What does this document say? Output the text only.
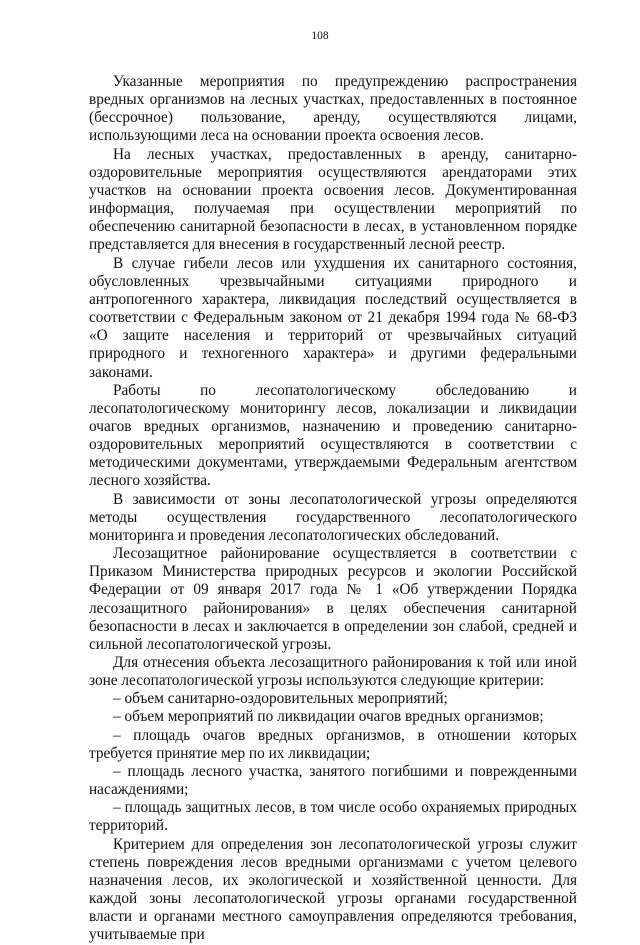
108

Указанные мероприятия по предупреждению распространения вредных организмов на лесных участках, предоставленных в постоянное (бессрочное) пользование, аренду, осуществляются лицами, использующими леса на основании проекта освоения лесов.

На лесных участках, предоставленных в аренду, санитарно-оздоровительные мероприятия осуществляются арендаторами этих участков на основании проекта освоения лесов. Документированная информация, получаемая при осуществлении мероприятий по обеспечению санитарной безопасности в лесах, в установленном порядке представляется для внесения в государственный лесной реестр.

В случае гибели лесов или ухудшения их санитарного состояния, обусловленных чрезвычайными ситуациями природного и антропогенного характера, ликвидация последствий осуществляется в соответствии с Федеральным законом от 21 декабря 1994 года № 68-ФЗ «О защите населения и территорий от чрезвычайных ситуаций природного и техногенного характера» и другими федеральными законами.

Работы по лесопатологическому обследованию и лесопатологическому мониторингу лесов, локализации и ликвидации очагов вредных организмов, назначению и проведению санитарно-оздоровительных мероприятий осуществляются в соответствии с методическими документами, утверждаемыми Федеральным агентством лесного хозяйства.

В зависимости от зоны лесопатологической угрозы определяются методы осуществления государственного лесопатологического мониторинга и проведения лесопатологических обследований.

Лесозащитное районирование осуществляется в соответствии с Приказом Министерства природных ресурсов и экологии Российской Федерации от 09 января 2017 года № 1 «Об утверждении Порядка лесозащитного районирования» в целях обеспечения санитарной безопасности в лесах и заключается в определении зон слабой, средней и сильной лесопатологической угрозы.

Для отнесения объекта лесозащитного районирования к той или иной зоне лесопатологической угрозы используются следующие критерии:

– объем санитарно-оздоровительных мероприятий;

– объем мероприятий по ликвидации очагов вредных организмов;

– площадь очагов вредных организмов, в отношении которых требуется принятие мер по их ликвидации;

– площадь лесного участка, занятого погибшими и поврежденными насаждениями;

– площадь защитных лесов, в том числе особо охраняемых природных территорий.

Критерием для определения зон лесопатологической угрозы служит степень повреждения лесов вредными организмами с учетом целевого назначения лесов, их экологической и хозяйственной ценности. Для каждой зоны лесопатологической угрозы органами государственной власти и органами местного самоуправления определяются требования, учитываемые при
